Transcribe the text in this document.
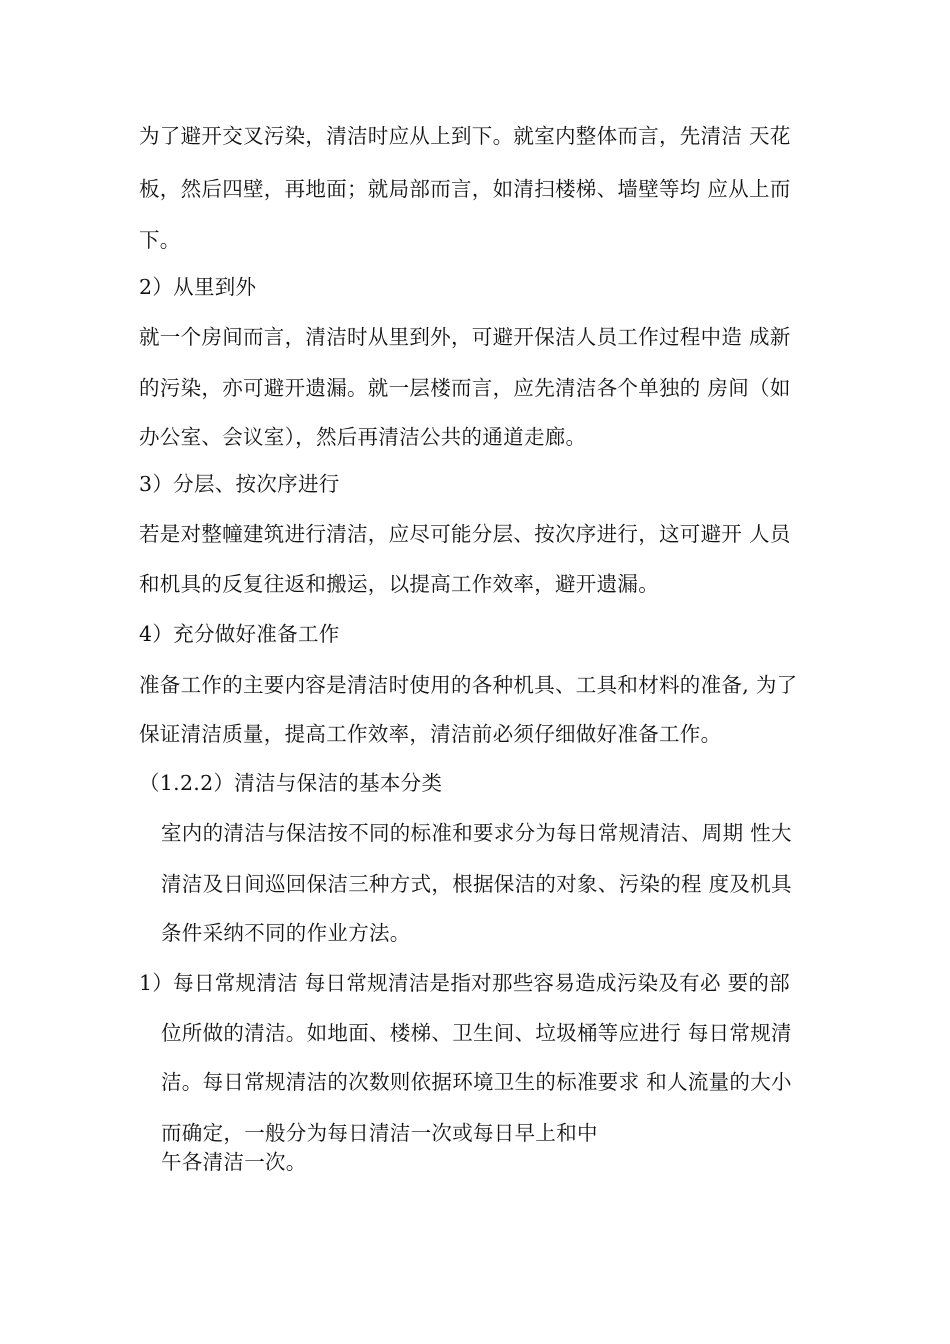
为了避开交叉污染，清洁时应从上到下。就室内整体而言，先清洁 天花
板，然后四壁，再地面；就局部而言，如清扫楼梯、墙壁等均 应从上而
下。
2）从里到外
就一个房间而言，清洁时从里到外，可避开保洁人员工作过程中造 成新
的污染，亦可避开遗漏。就一层楼而言，应先清洁各个单独的 房间（如
办公室、会议室），然后再清洁公共的通道走廊。
3）分层、按次序进行
若是对整幢建筑进行清洁，应尽可能分层、按次序进行，这可避开 人员
和机具的反复往返和搬运，以提高工作效率，避开遗漏。
4）充分做好准备工作
准备工作的主要内容是清洁时使用的各种机具、工具和材料的准备, 为了
保证清洁质量，提高工作效率，清洁前必须仔细做好准备工作。
（1.2.2）清洁与保洁的基本分类
室内的清洁与保洁按不同的标准和要求分为每日常规清洁、周期 性大
清洁及日间巡回保洁三种方式，根据保洁的对象、污染的程 度及机具
条件采纳不同的作业方法。
1）每日常规清洁 每日常规清洁是指对那些容易造成污染及有必 要的部
位所做的清洁。如地面、楼梯、卫生间、垃圾桶等应进行 每日常规清
洁。每日常规清洁的次数则依据环境卫生的标准要求 和人流量的大小
而确定，一般分为每日清洁一次或每日早上和中
午各清洁一次。
